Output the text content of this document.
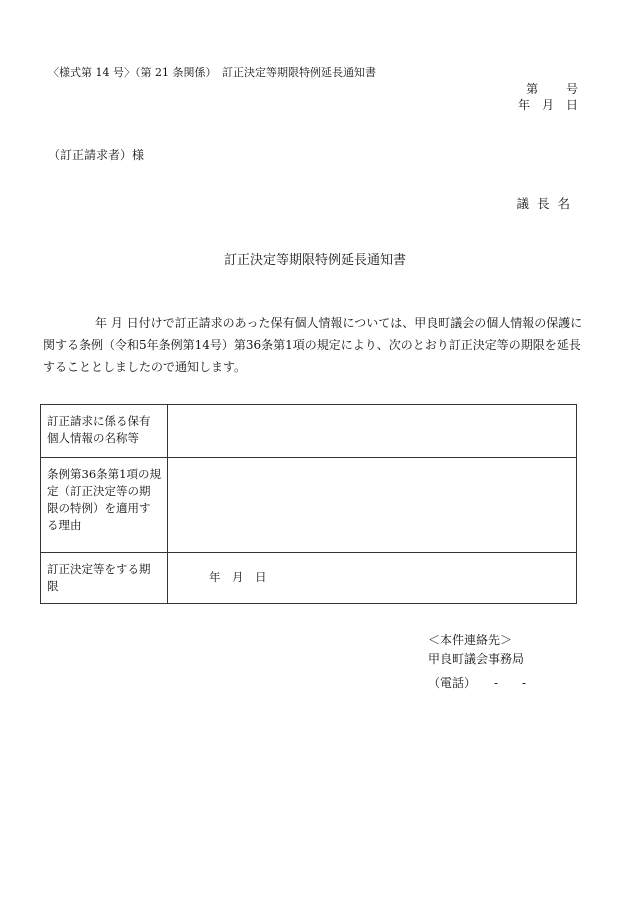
〈様式第 14 号〉（第 21 条関係）　訂正決定等期限特例延長通知書
第　　 号
年　月　日
（訂正請求者）様
議 長 名
訂正決定等期限特例延長通知書
年 月 日付けで訂正請求のあった保有個人情報については、甲良町議会の個人情報の保護に関する条例（令和5年条例第14号）第36条第1項の規定により、次のとおり訂正決定等の期限を延長することとしましたので通知します。
訂正請求に係る保有個人情報の名称等	
条例第36条第1項の規定（訂正決定等の期限の特例）を適用する理由	
訂正決定等をする期限	年　月　日
＜本件連絡先＞
甲良町議会事務局
（電話）　　-　　-
